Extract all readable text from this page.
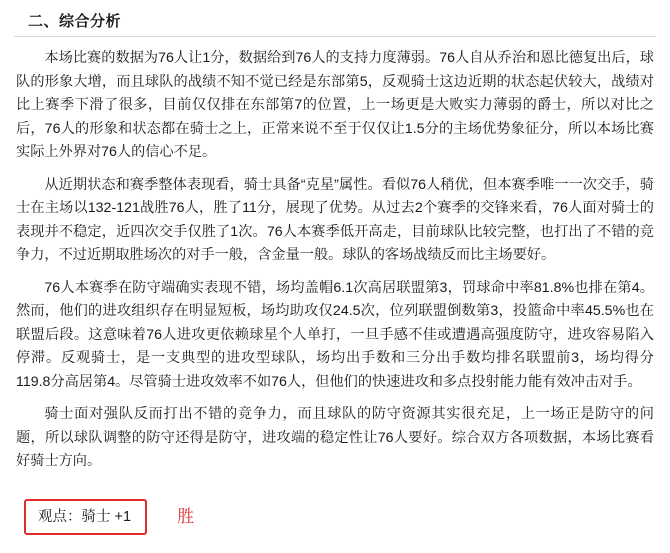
二、综合分析

本场比赛的数据为76人让1分，数据给到76人的支持力度薄弱。76人自从乔治和恩比德复出后，球队的形象大增，而且球队的战绩不知不觉已经是东部第5，反观骑士这边近期的状态起伏较大，战绩对比上赛季下滑了很多，目前仅仅排在东部第7的位置，上一场更是大败实力薄弱的爵士，所以对比之后，76人的形象和状态都在骑士之上，正常来说不至于仅仅让1.5分的主场优势象征分，所以本场比赛实际上外界对76人的信心不足。

从近期状态和赛季整体表现看，骑士具备“克星”属性。看似76人稍优，但本赛季唯一一次交手，骑士在主场以132-121战胜76人，胜了11分，展现了优势。从过去2个赛季的交锋来看，76人面对骑士的表现并不稳定，近四次交手仅胜了1次。76人本赛季低开高走，目前球队比较完整，也打出了不错的竞争力，不过近期取胜场次的对手一般，含金量一般。球队的客场战绩反而比主场要好。

76人本赛季在防守端确实表现不错，场均盖帽6.1次高居联盟第3，罚球命中率81.8%也排在第4。然而，他们的进攻组织存在明显短板，场均助攻仅24.5次，位列联盟倒数第3，投篮命中率45.5%也在联盟后段。这意味着76人进攻更依赖球星个人单打，一旦手感不佳或遭遇高强度防守，进攻容易陷入停滞。反观骑士，是一支典型的进攻型球队，场均出手数和三分出手数均排名联盟前3，场均得分119.8分高居第4。尽管骑士进攻效率不如76人，但他们的快速进攻和多点投射能力能有效冲击对手。

骑士面对强队反而打出不错的竞争力，而且球队的防守资源其实很充足，上一场正是防守的问题，所以球队调整的防守还得是防守，进攻端的稳定性让76人要好。综合双方各项数据，本场比赛看好骑士方向。

观点：骑士 +1	胜
